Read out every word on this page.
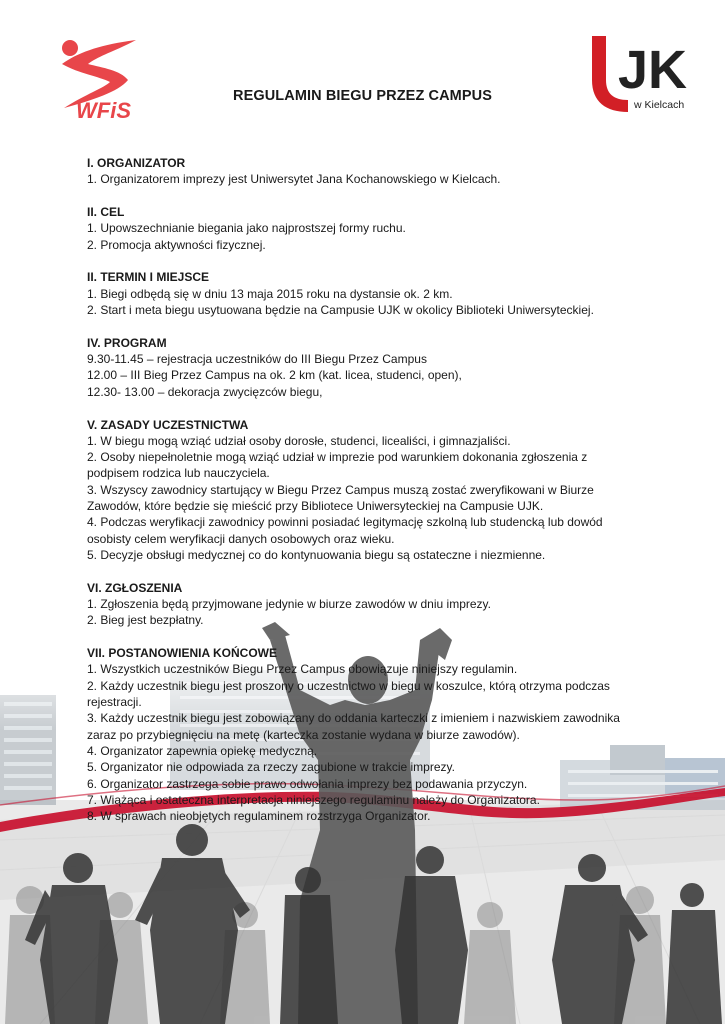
WFiS
JK
w Kielcach
REGULAMIN BIEGU PRZEZ CAMPUS
I. ORGANIZATOR
1. Organizatorem imprezy jest Uniwersytet Jana Kochanowskiego w Kielcach.
II. CEL
1. Upowszechnianie biegania jako najprostszej formy ruchu.
2. Promocja aktywności fizycznej.
II. TERMIN I MIEJSCE
1. Biegi odbędą się w dniu 13 maja 2015 roku na dystansie ok. 2 km.
2. Start i meta biegu usytuowana będzie na Campusie UJK w okolicy Biblioteki Uniwersyteckiej.
IV. PROGRAM
9.30-11.45 – rejestracja uczestników do III Biegu Przez Campus
12.00 – III Bieg Przez Campus na ok. 2 km (kat. licea, studenci, open),
12.30- 13.00 – dekoracja zwycięzców biegu,
V. ZASADY UCZESTNICTWA
1. W biegu mogą wziąć udział osoby dorosłe, studenci, licealiści, i gimnazjaliści.
2. Osoby niepełnoletnie mogą wziąć udział w imprezie pod warunkiem dokonania zgłoszenia z
podpisem rodzica lub nauczyciela.
3. Wszyscy zawodnicy startujący w Biegu Przez Campus muszą zostać zweryfikowani w Biurze
Zawodów, które będzie się mieścić przy Bibliotece Uniwersyteckiej na Campusie UJK.
4. Podczas weryfikacji zawodnicy powinni posiadać legitymację szkolną lub studencką lub dowód
osobisty celem weryfikacji danych osobowych oraz wieku.
5. Decyzje obsługi medycznej co do kontynuowania biegu są ostateczne i niezmienne.
VI. ZGŁOSZENIA
1. Zgłoszenia będą przyjmowane jedynie w biurze zawodów w dniu imprezy.
2. Bieg jest bezpłatny.
VII. POSTANOWIENIA KOŃCOWE
1. Wszystkich uczestników Biegu Przez Campus obowiązuje niniejszy regulamin.
2. Każdy uczestnik biegu jest proszony o uczestnictwo w biegu w koszulce, którą otrzyma podczas
rejestracji.
3. Każdy uczestnik biegu jest zobowiązany do oddania karteczki z imieniem i nazwiskiem zawodnika
zaraz po przybiegnięciu na metę (karteczka zostanie wydana w biurze zawodów).
4. Organizator zapewnia opiekę medyczną.
5. Organizator nie odpowiada za rzeczy zagubione w trakcie imprezy.
6. Organizator zastrzega sobie prawo odwołania imprezy bez podawania przyczyn.
7. Wiążąca i ostateczna interpretacja niniejszego regulaminu należy do Organizatora.
8. W sprawach nieobjętych regulaminem rozstrzyga Organizator.
